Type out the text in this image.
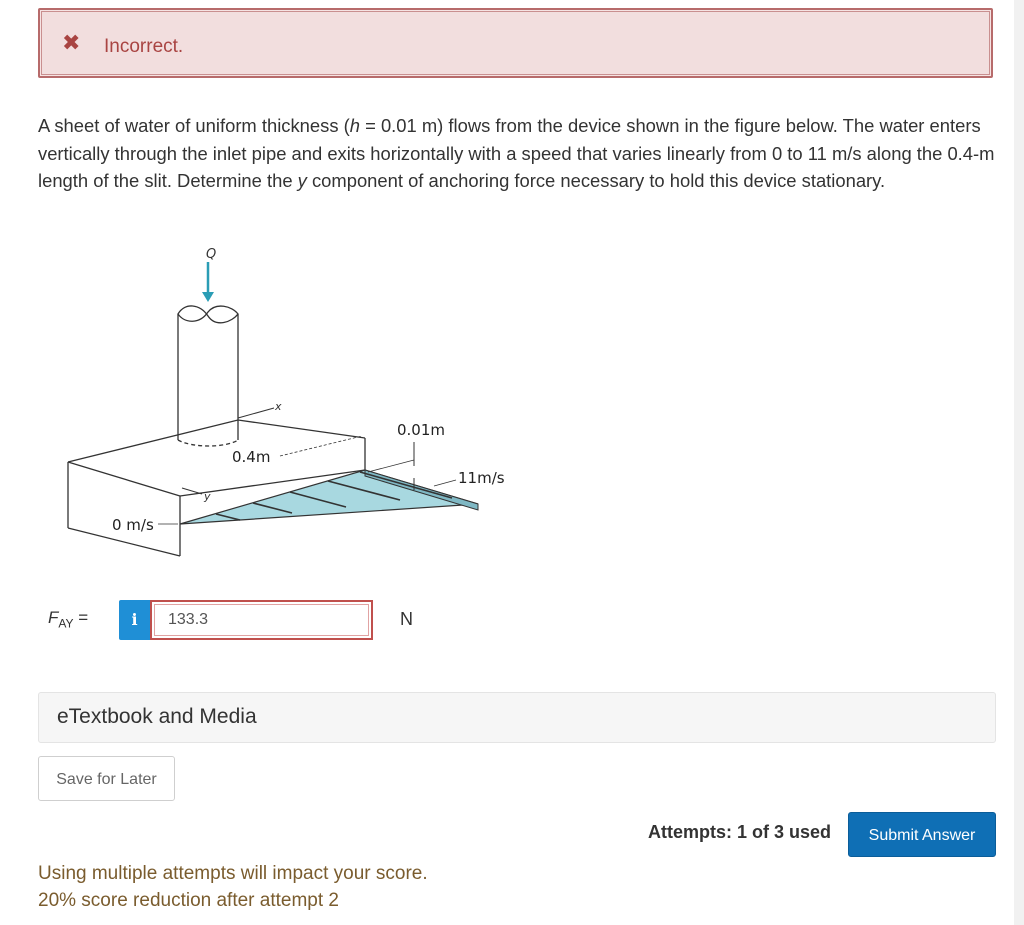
✖ Incorrect.

A sheet of water of uniform thickness (h = 0.01 m) flows from the device shown in the figure below. The water enters vertically through the inlet pipe and exits horizontally with a speed that varies linearly from 0 to 11 m/s along the 0.4-m length of the slit. Determine the y component of anchoring force necessary to hold this device stationary.

Q
x
y
0.4m
0.01m
11m/s
0 m/s
$F_{AY}$ =	i
133.3	N
eTextbook and Media
Save for Later
Attempts: 1 of 3 used	Submit Answer
Using multiple attempts will impact your score.
20% score reduction after attempt 2
